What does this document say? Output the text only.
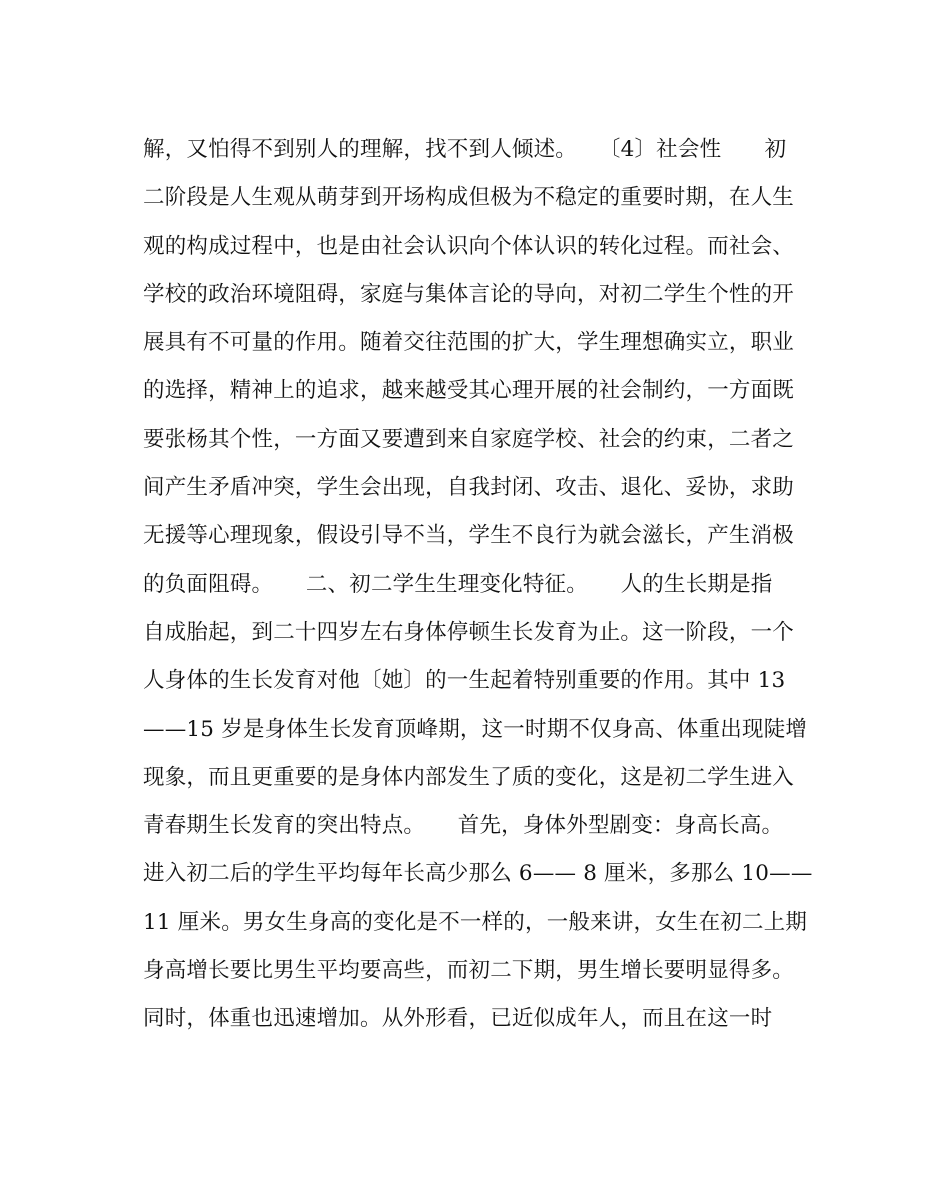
解，又怕得不到别人的理解，找不到人倾述。　　〔4〕社会性　　初
二阶段是人生观从萌芽到开场构成但极为不稳定的重要时期，在人生
观的构成过程中，也是由社会认识向个体认识的转化过程。而社会、
学校的政治环境阻碍，家庭与集体言论的导向，对初二学生个性的开
展具有不可量的作用。随着交往范围的扩大，学生理想确实立，职业
的选择，精神上的追求，越来越受其心理开展的社会制约，一方面既
要张杨其个性，一方面又要遭到来自家庭学校、社会的约束，二者之
间产生矛盾冲突，学生会出现，自我封闭、攻击、退化、妥协，求助
无援等心理现象，假设引导不当，学生不良行为就会滋长，产生消极
的负面阻碍。　　二、初二学生生理变化特征。　　人的生长期是指
自成胎起，到二十四岁左右身体停顿生长发育为止。这一阶段，一个
人身体的生长发育对他〔她〕的一生起着特别重要的作用。其中 13
——15 岁是身体生长发育顶峰期，这一时期不仅身高、体重出现陡增
现象，而且更重要的是身体内部发生了质的变化，这是初二学生进入
青春期生长发育的突出特点。　　首先，身体外型剧变：身高长高。
进入初二后的学生平均每年长高少那么 6—— 8 厘米，多那么 10——
11 厘米。男女生身高的变化是不一样的，一般来讲，女生在初二上期
身高增长要比男生平均要高些，而初二下期，男生增长要明显得多。
同时，体重也迅速增加。从外形看，已近似成年人，而且在这一时
